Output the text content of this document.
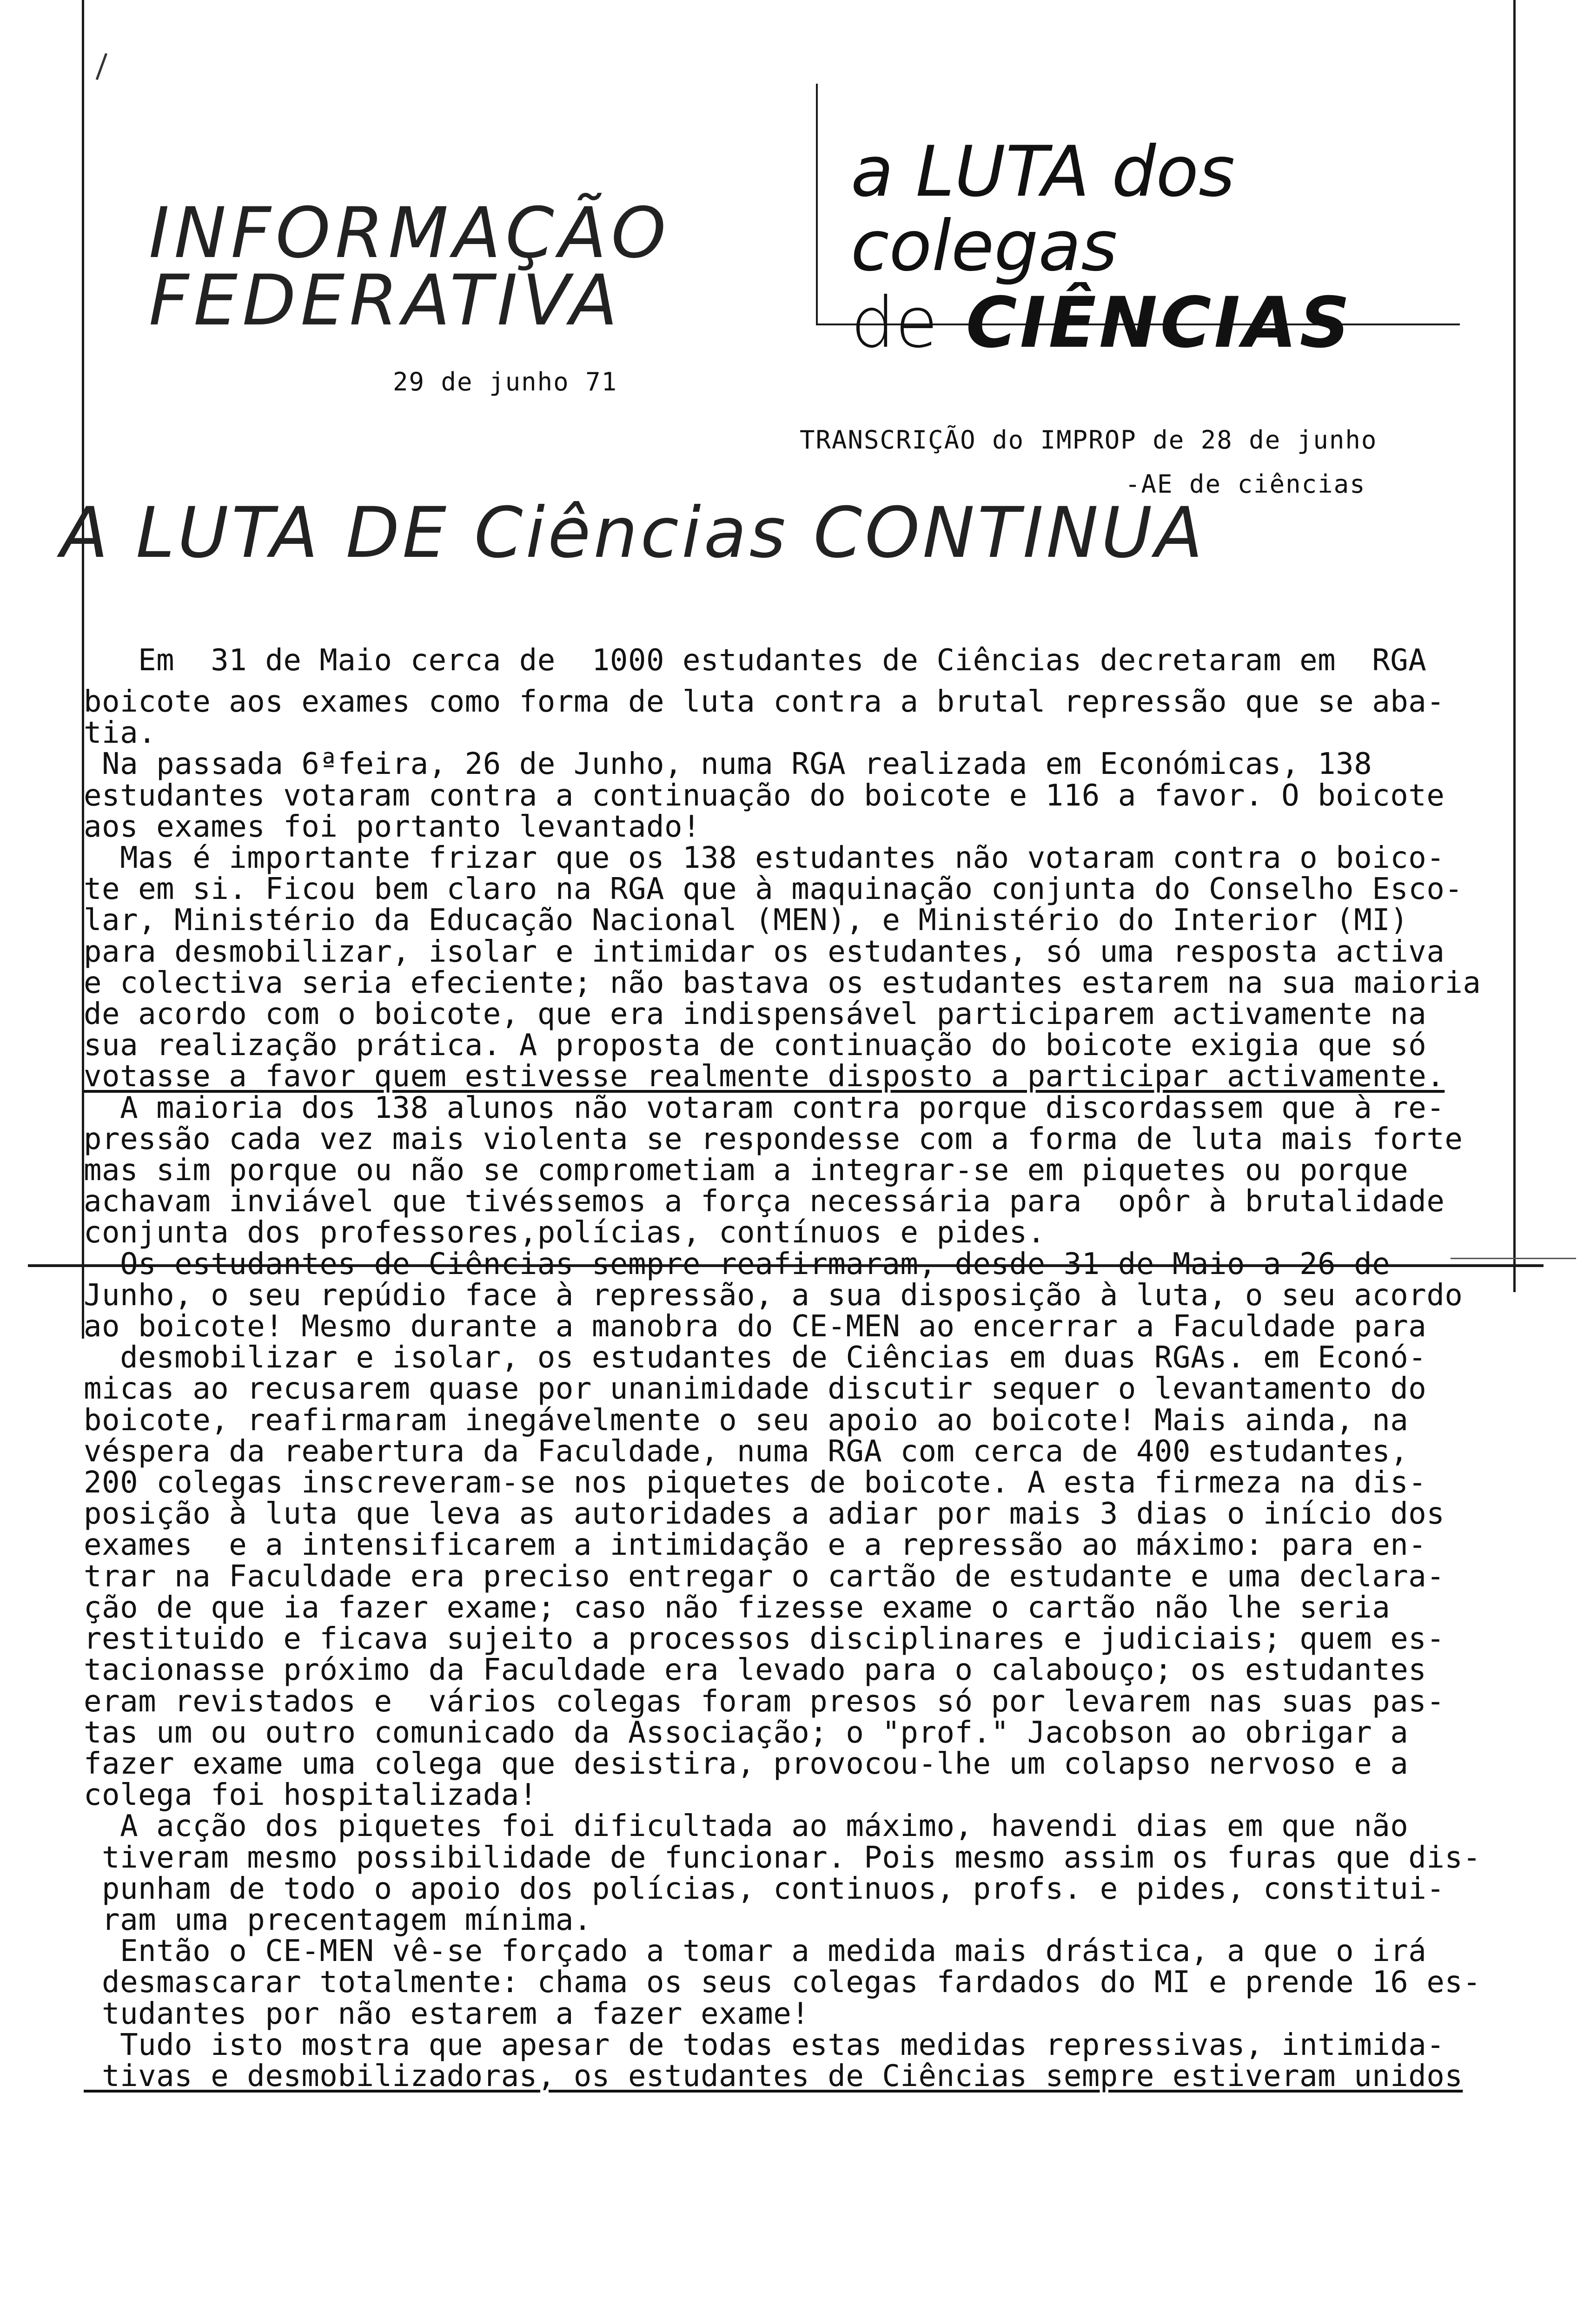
INFORMAÇÃO
FEDERATIVA
29 de junho 71
a LUTA dos colegas
de CIÊNCIAS
TRANSCRIÇÃO do IMPROP de 28 de junho
-AE de ciências
A LUTA DE Ciências CONTINUA

Em  31 de Maio cerca de  1000 estudantes de Ciências decretaram em  RGA

boicote aos exames como forma de luta contra a brutal repressão que se aba-

tia.

Na passada 6ªfeira, 26 de Junho, numa RGA realizada em Económicas, 138

estudantes votaram contra a continuação do boicote e 116 a favor. O boicote

aos exames foi portanto levantado!

Mas é importante frizar que os 138 estudantes não votaram contra o boico-

te em si. Ficou bem claro na RGA que à maquinação conjunta do Conselho Esco-

lar, Ministério da Educação Nacional (MEN), e Ministério do Interior (MI)

para desmobilizar, isolar e intimidar os estudantes, só uma resposta activa

e colectiva seria efeciente; não bastava os estudantes estarem na sua maioria

de acordo com o boicote, que era indispensável participarem activamente na

sua realização prática. A proposta de continuação do boicote exigia que só

votasse a favor quem estivesse realmente disposto a participar activamente.

A maioria dos 138 alunos não votaram contra porque discordassem que à re-

pressão cada vez mais violenta se respondesse com a forma de luta mais forte

mas sim porque ou não se comprometiam a integrar-se em piquetes ou porque

achavam inviável que tivéssemos a força necessária para  opôr à brutalidade

conjunta dos professores,polícias, contínuos e pides.

Os estudantes de Ciências sempre reafirmaram, desde 31 de Maio a 26 de

Junho, o seu repúdio face à repressão, a sua disposição à luta, o seu acordo

ao boicote! Mesmo durante a manobra do CE-MEN ao encerrar a Faculdade para

desmobilizar e isolar, os estudantes de Ciências em duas RGAs. em Econó-

micas ao recusarem quase por unanimidade discutir sequer o levantamento do

boicote, reafirmaram inegávelmente o seu apoio ao boicote! Mais ainda, na

véspera da reabertura da Faculdade, numa RGA com cerca de 400 estudantes,

200 colegas inscreveram-se nos piquetes de boicote. A esta firmeza na dis-

posição à luta que leva as autoridades a adiar por mais 3 dias o início dos

exames  e a intensificarem a intimidação e a repressão ao máximo: para en-

trar na Faculdade era preciso entregar o cartão de estudante e uma declara-

ção de que ia fazer exame; caso não fizesse exame o cartão não lhe seria

restituido e ficava sujeito a processos disciplinares e judiciais; quem es-

tacionasse próximo da Faculdade era levado para o calabouço; os estudantes

eram revistados e  vários colegas foram presos só por levarem nas suas pas-

tas um ou outro comunicado da Associação; o "prof." Jacobson ao obrigar a

fazer exame uma colega que desistira, provocou-lhe um colapso nervoso e a

colega foi hospitalizada!

A acção dos piquetes foi dificultada ao máximo, havendi dias em que não

tiveram mesmo possibilidade de funcionar. Pois mesmo assim os furas que dis-

punham de todo o apoio dos polícias, continuos, profs. e pides, constitui-

ram uma precentagem mínima.

Então o CE-MEN vê-se forçado a tomar a medida mais drástica, a que o irá

desmascarar totalmente: chama os seus colegas fardados do MI e prende 16 es-

tudantes por não estarem a fazer exame!

Tudo isto mostra que apesar de todas estas medidas repressivas, intimida-

tivas e desmobilizadoras, os estudantes de Ciências sempre estiveram unidos
